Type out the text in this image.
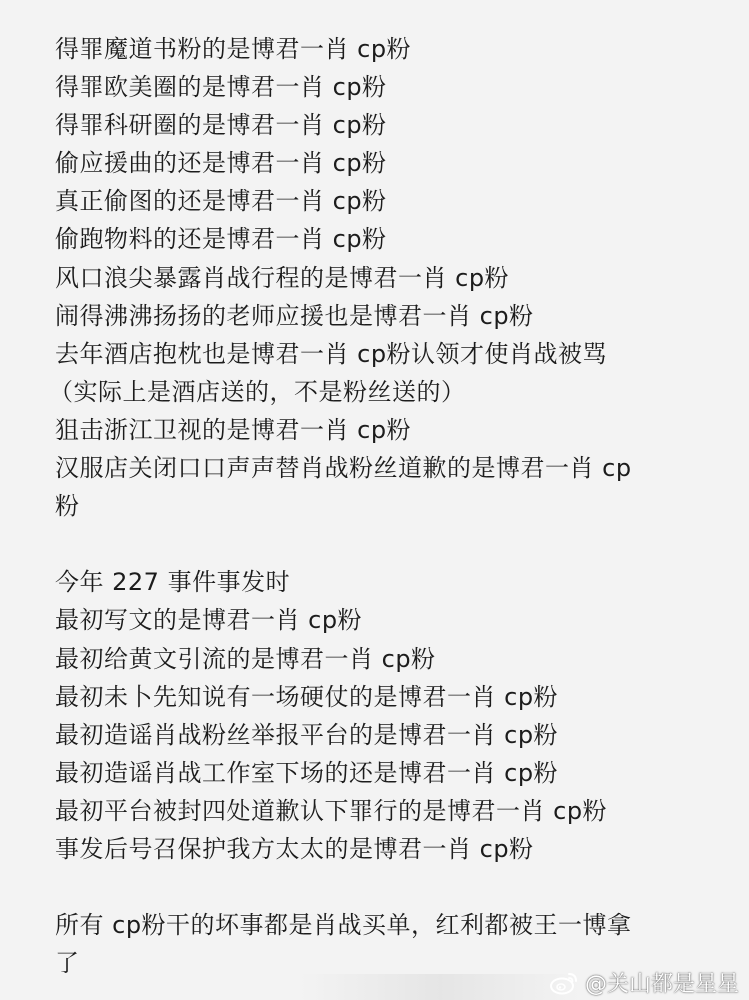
得罪魔道书粉的是博君一肖 cp粉
得罪欧美圈的是博君一肖 cp粉
得罪科研圈的是博君一肖 cp粉
偷应援曲的还是博君一肖 cp粉
真正偷图的还是博君一肖 cp粉
偷跑物料的还是博君一肖 cp粉
风口浪尖暴露肖战行程的是博君一肖 cp粉
闹得沸沸扬扬的老师应援也是博君一肖 cp粉
去年酒店抱枕也是博君一肖 cp粉认领才使肖战被骂
（实际上是酒店送的，不是粉丝送的）
狙击浙江卫视的是博君一肖 cp粉
汉服店关闭口口声声替肖战粉丝道歉的是博君一肖 cp
粉
今年 227 事件事发时
最初写文的是博君一肖 cp粉
最初给黄文引流的是博君一肖 cp粉
最初未卜先知说有一场硬仗的是博君一肖 cp粉
最初造谣肖战粉丝举报平台的是博君一肖 cp粉
最初造谣肖战工作室下场的还是博君一肖 cp粉
最初平台被封四处道歉认下罪行的是博君一肖 cp粉
事发后号召保护我方太太的是博君一肖 cp粉
所有 cp粉干的坏事都是肖战买单，红利都被王一博拿
了
@关山都是星星
